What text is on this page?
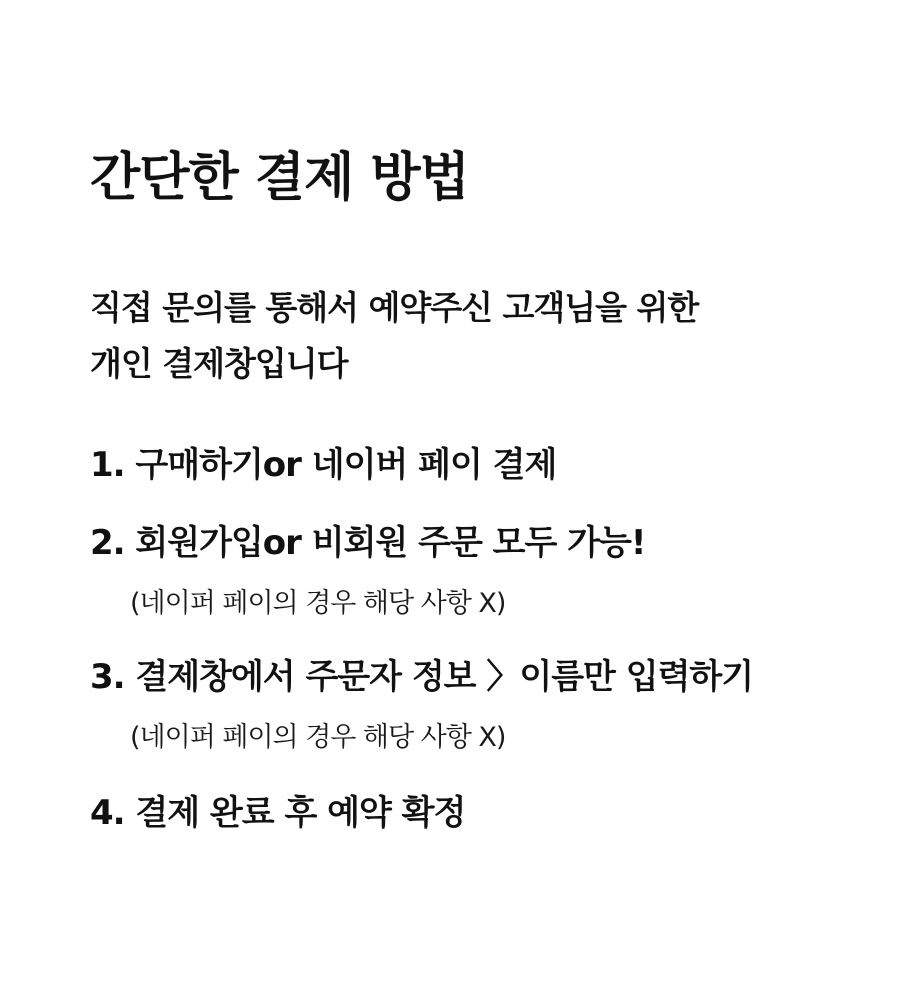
간단한 결제 방법
직접 문의를 통해서 예약주신 고객님을 위한
개인 결제창입니다
1. 구매하기or 네이버 페이 결제
2. 회원가입or 비회원 주문 모두 가능!
(네이퍼 페이의 경우 해당 사항 X)
3. 결제창에서 주문자 정보 〉이름만 입력하기
(네이퍼 페이의 경우 해당 사항 X)
4. 결제 완료 후 예약 확정
